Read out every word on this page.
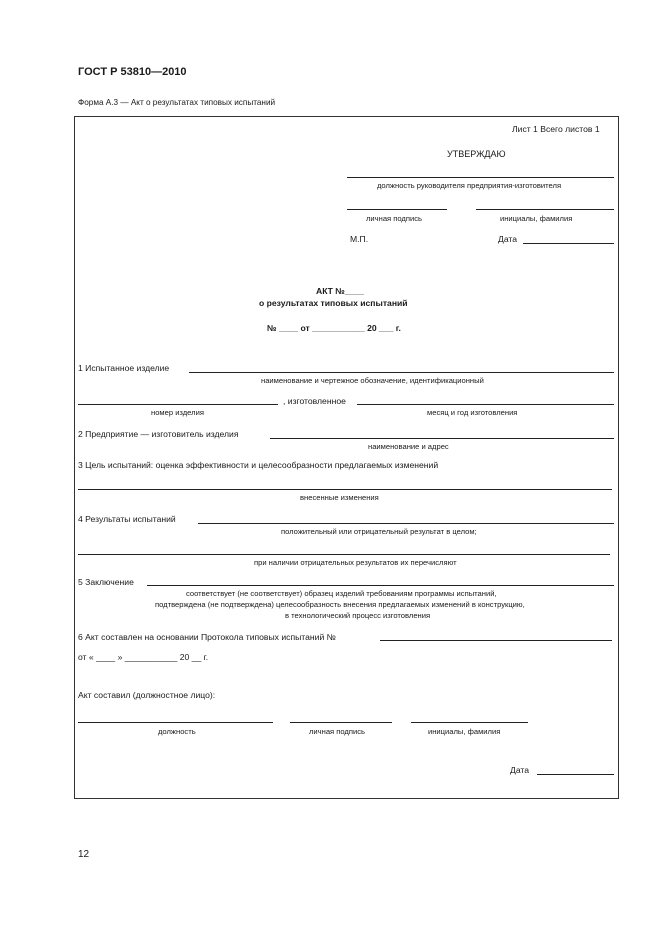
ГОСТ Р 53810—2010
Форма А.3 — Акт о результатах типовых испытаний
Лист 1 Всего листов 1
УТВЕРЖДАЮ
должность руководителя предприятия-изготовителя
личная подпись	инициалы, фамилия
М.П.	Дата
АКТ №____
о результатах типовых испытаний
№ ____ от ___________ 20 ___ г.
1 Испытанное изделие
наименование и чертежное обозначение, идентификационный
, изготовленное
номер изделия	месяц и год изготовления
2 Предприятие — изготовитель изделия
наименование и адрес
3 Цель испытаний: оценка эффективности и целесообразности предлагаемых изменений
внесенные изменения
4 Результаты испытаний
положительный или отрицательный результат в целом;
при наличии отрицательных результатов их перечисляют
5 Заключение
соответствует (не соответствует) образец изделий требованиям программы испытаний,
подтверждена (не подтверждена) целесообразность внесения предлагаемых изменений в конструкцию,
в технологический процесс изготовления
6 Акт составлен на основании Протокола типовых испытаний №
от « ____ » ___________ 20 __ г.
Акт составил (должностное лицо):
должность	личная подпись	инициалы, фамилия
Дата
12
